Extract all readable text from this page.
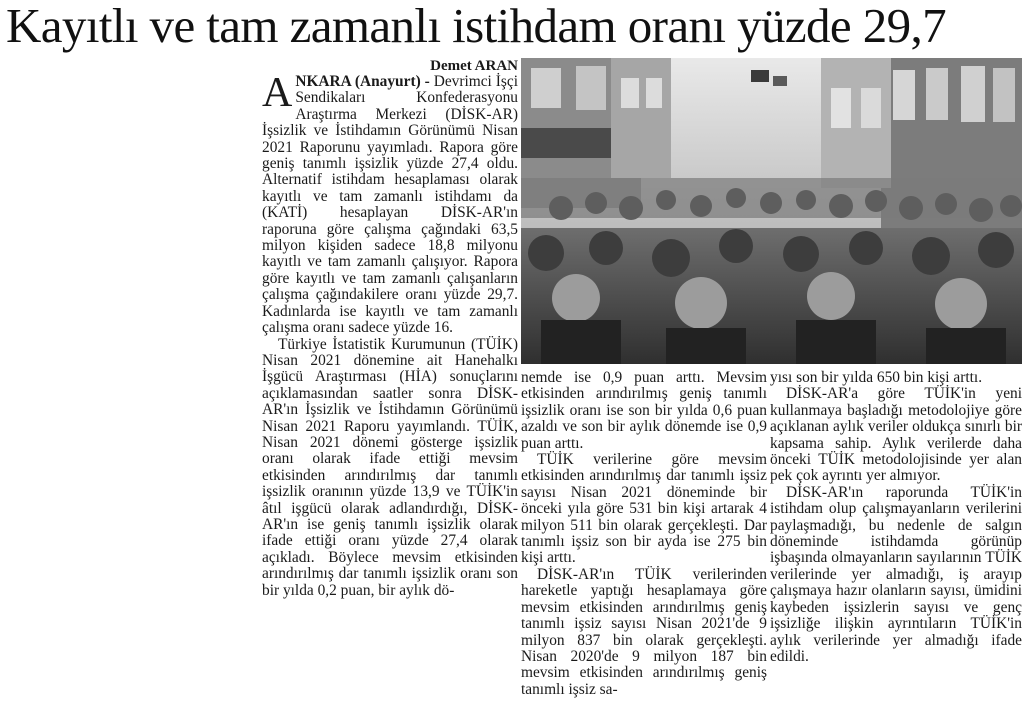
Kayıtlı ve tam zamanlı istihdam oranı yüzde 29,7
Demet ARAN

ANKARA (Anayurt) - Devrimci İşçi Sendikaları Konfederasyonu Araştırma Merkezi (DİSK-AR) İşsizlik ve İstihdamın Görünümü Nisan 2021 Raporunu yayımladı. Rapora göre geniş tanımlı işsizlik yüzde 27,4 oldu. Alternatif istihdam hesaplaması olarak kayıtlı ve tam zamanlı istihdamı da (KATİ) hesaplayan DİSK-AR'ın raporuna göre çalışma çağındaki 63,5 milyon kişiden sadece 18,8 milyonu kayıtlı ve tam zamanlı çalışıyor. Rapora göre kayıtlı ve tam zamanlı çalışanların çalışma çağındakilere oranı yüzde 29,7. Kadınlarda ise kayıtlı ve tam zamanlı çalışma oranı sadece yüzde 16.

Türkiye İstatistik Kurumunun (TÜİK) Nisan 2021 dönemine ait Hanehalkı İşgücü Araştırması (HİA) sonuçlarını açıklamasından saatler sonra DİSK-AR'ın İşsizlik ve İstihdamın Görünümü Nisan 2021 Raporu yayımlandı. TÜİK, Nisan 2021 dönemi gösterge işsizlik oranı olarak ifade ettiği mevsim etkisinden arındırılmış dar tanımlı işsizlik oranının yüzde 13,9 ve TÜİK'in âtıl işgücü olarak adlandırdığı, DİSK-AR'ın ise geniş tanımlı işsizlik olarak ifade ettiği oranı yüzde 27,4 olarak açıkladı. Böylece mevsim etkisinden arındırılmış dar tanımlı işsizlik oranı son bir yılda 0,2 puan, bir aylık dö-

nemde ise 0,9 puan arttı. Mevsim etkisinden arındırılmış geniş tanımlı işsizlik oranı ise son bir yılda 0,6 puan azaldı ve son bir aylık dönemde ise 0,9 puan arttı.

TÜİK verilerine göre mevsim etkisinden arındırılmış dar tanımlı işsiz sayısı Nisan 2021 döneminde bir önceki yıla göre 531 bin kişi artarak 4 milyon 511 bin olarak gerçekleşti. Dar tanımlı işsiz son bir ayda ise 275 bin kişi arttı.

DİSK-AR'ın TÜİK verilerinden hareketle yaptığı hesaplamaya göre mevsim etkisinden arındırılmış geniş tanımlı işsiz sayısı Nisan 2021'de 9 milyon 837 bin olarak gerçekleşti. Nisan 2020'de 9 milyon 187 bin mevsim etkisinden arındırılmış geniş tanımlı işsiz sa-

yısı son bir yılda 650 bin kişi arttı.

DİSK-AR'a göre TÜİK'in yeni kullanmaya başladığı metodolojiye göre açıklanan aylık veriler oldukça sınırlı bir kapsama sahip. Aylık verilerde daha önceki TÜİK metodolojisinde yer alan pek çok ayrıntı yer almıyor.

DİSK-AR'ın raporunda TÜİK'in istihdam olup çalışmayanların verilerini paylaşmadığı, bu nedenle de salgın döneminde istihdamda görünüp işbaşında olmayanların sayılarının TÜİK verilerinde yer almadığı, iş arayıp çalışmaya hazır olanların sayısı, ümidini kaybeden işsizlerin sayısı ve genç işsizliğe ilişkin ayrıntıların TÜİK'in aylık verilerinde yer almadığı ifade edildi.
